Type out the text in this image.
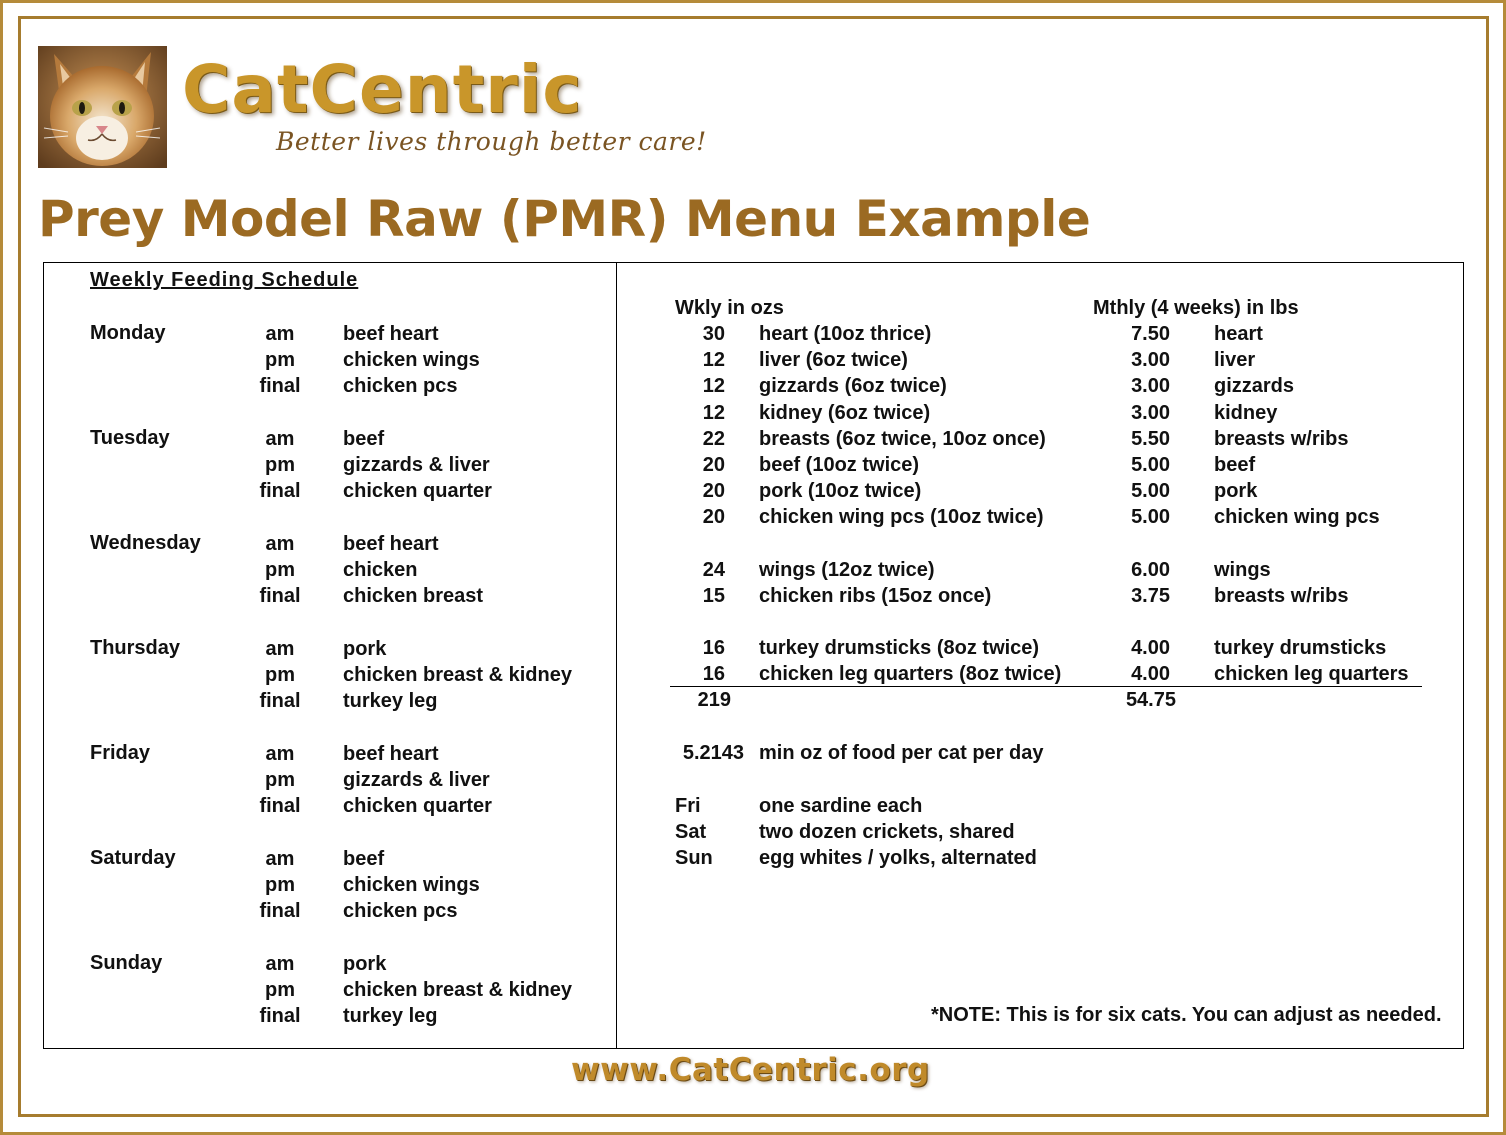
CatCentric
Better lives through better care!
Prey Model Raw (PMR) Menu Example
Weekly Feeding Schedule
Monday	am	beef heart
pm	chicken wings
final	chicken pcs
Tuesday	am	beef
pm	gizzards & liver
final	chicken quarter
Wednesday	am	beef heart
pm	chicken
final	chicken breast
Thursday	am	pork
pm	chicken breast & kidney
final	turkey leg
Friday	am	beef heart
pm	gizzards & liver
final	chicken quarter
Saturday	am	beef
pm	chicken wings
final	chicken pcs
Sunday	am	pork
pm	chicken breast & kidney
final	turkey leg
Wkly in ozs	Mthly (4 weeks) in lbs
30 heart (10oz thrice)	7.50 heart
12 liver (6oz twice)	3.00 liver
12 gizzards (6oz twice)	3.00 gizzards
12 kidney (6oz twice)	3.00 kidney
22 breasts (6oz twice, 10oz once)	5.50 breasts w/ribs
20 beef (10oz twice)	5.00 beef
20 pork (10oz twice)	5.00 pork
20 chicken wing pcs (10oz twice)	5.00 chicken wing pcs
24 wings (12oz twice)	6.00 wings
15 chicken ribs (15oz once)	3.75 breasts w/ribs
16 turkey drumsticks (8oz twice)	4.00 turkey drumsticks
16 chicken leg quarters (8oz twice)	4.00 chicken leg quarters
219	54.75
5.2143 min oz of food per cat per day
Fri	one sardine each
Sat	two dozen crickets, shared
Sun egg whites / yolks, alternated
*NOTE: This is for six cats. You can adjust as needed.
www.CatCentric.org
